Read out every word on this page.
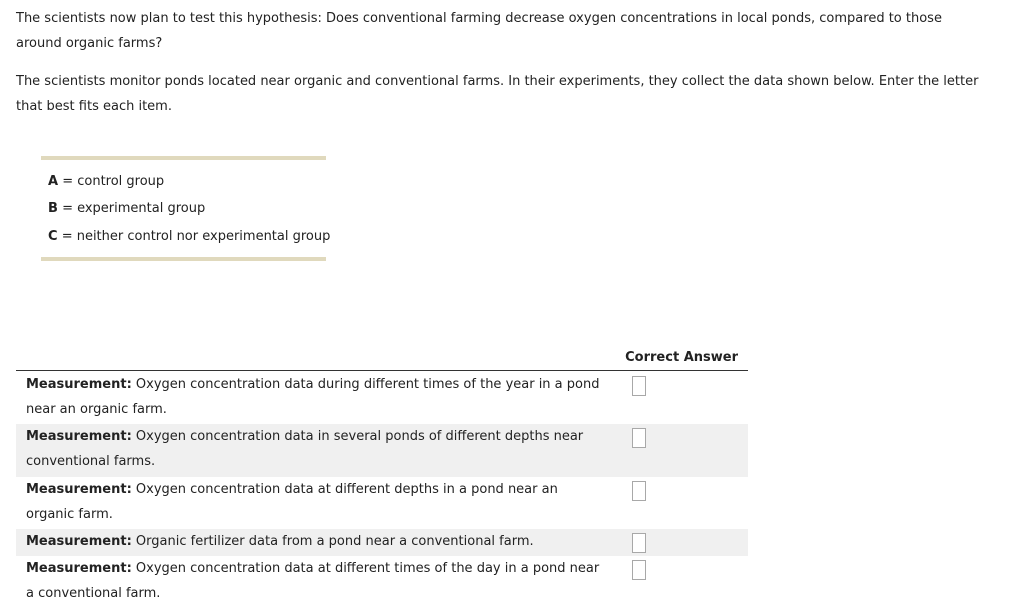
The scientists now plan to test this hypothesis: Does conventional farming decrease oxygen concentrations in local ponds, compared to those around organic farms?

The scientists monitor ponds located near organic and conventional farms. In their experiments, they collect the data shown below. Enter the letter that best fits each item.

A = control group
B = experimental group
C = neither control nor experimental group
Correct Answer
Measurement: Oxygen concentration data during different times of the year in a pond near an organic farm.
Measurement: Oxygen concentration data in several ponds of different depths near conventional farms.
Measurement: Oxygen concentration data at different depths in a pond near an organic farm.
Measurement: Organic fertilizer data from a pond near a conventional farm.
Measurement: Oxygen concentration data at different times of the day in a pond near a conventional farm.
